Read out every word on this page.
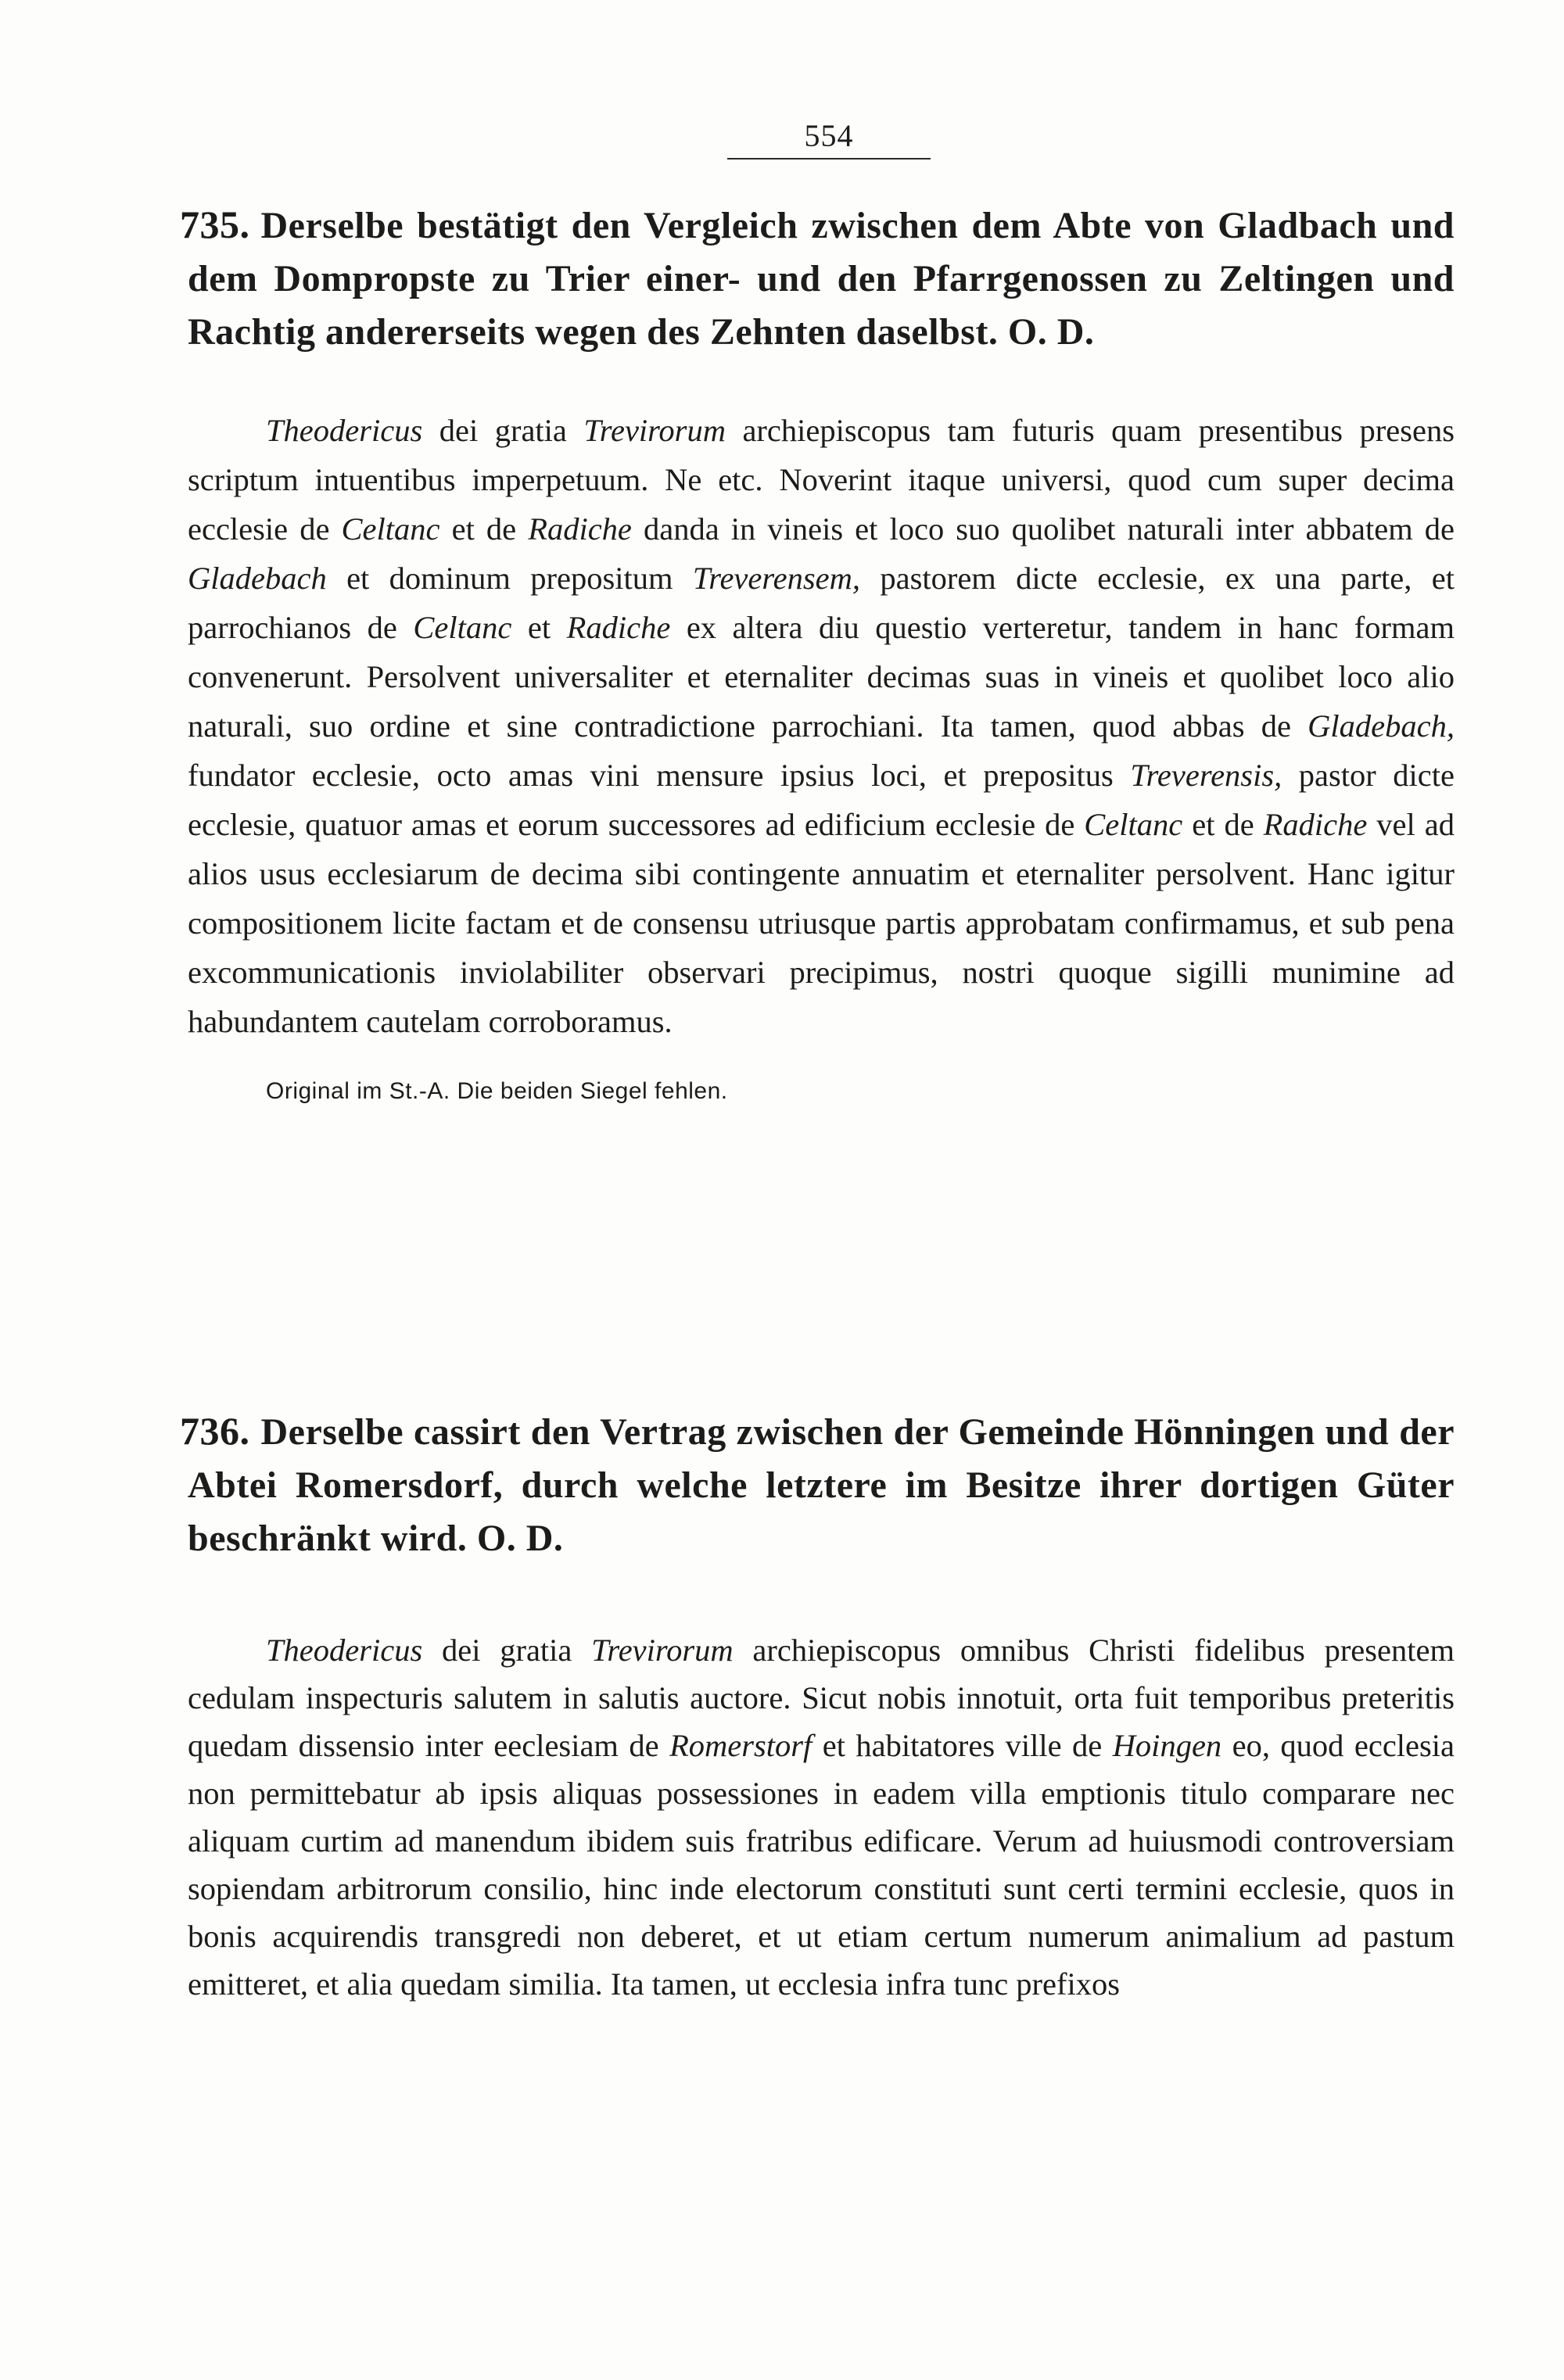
554
735. Derselbe bestätigt den Vergleich zwischen dem Abte von Gladbach und dem Dompropste zu Trier einer- und den Pfarrgenossen zu Zeltingen und Rachtig andererseits wegen des Zehnten daselbst. O. D.

Theodericus dei gratia Trevirorum archiepiscopus tam futuris quam presentibus presens scriptum intuentibus imperpetuum. Ne etc. Noverint itaque universi, quod cum super decima ecclesie de Celtanc et de Radiche danda in vineis et loco suo quolibet naturali inter abbatem de Gladebach et dominum prepositum Treverensem, pastorem dicte ecclesie, ex una parte, et parrochianos de Celtanc et Radiche ex altera diu questio verteretur, tandem in hanc formam convenerunt. Persolvent universaliter et eternaliter decimas suas in vineis et quolibet loco alio naturali, suo ordine et sine contradictione parrochiani. Ita tamen, quod abbas de Gladebach, fundator ecclesie, octo amas vini mensure ipsius loci, et prepositus Treverensis, pastor dicte ecclesie, quatuor amas et eorum successores ad edificium ecclesie de Celtanc et de Radiche vel ad alios usus ecclesiarum de decima sibi contingente annuatim et eternaliter persolvent. Hanc igitur compositionem licite factam et de consensu utriusque partis approbatam confirmamus, et sub pena excommunicationis inviolabiliter observari precipimus, nostri quoque sigilli munimine ad habundantem cautelam corroboramus.

Original im St.-A. Die beiden Siegel fehlen.
736. Derselbe cassirt den Vertrag zwischen der Gemeinde Hönningen und der Abtei Romersdorf, durch welche letztere im Besitze ihrer dortigen Güter beschränkt wird. O. D.

Theodericus dei gratia Trevirorum archiepiscopus omnibus Christi fidelibus presentem cedulam inspecturis salutem in salutis auctore. Sicut nobis innotuit, orta fuit temporibus preteritis quedam dissensio inter eeclesiam de Romerstorf et habitatores ville de Hoingen eo, quod ecclesia non permittebatur ab ipsis aliquas possessiones in eadem villa emptionis titulo comparare nec aliquam curtim ad manendum ibidem suis fratribus edificare. Verum ad huiusmodi controversiam sopiendam arbitrorum consilio, hinc inde electorum constituti sunt certi termini ecclesie, quos in bonis acquirendis transgredi non deberet, et ut etiam certum numerum animalium ad pastum emitteret, et alia quedam similia. Ita tamen, ut ecclesia infra tunc prefixos
